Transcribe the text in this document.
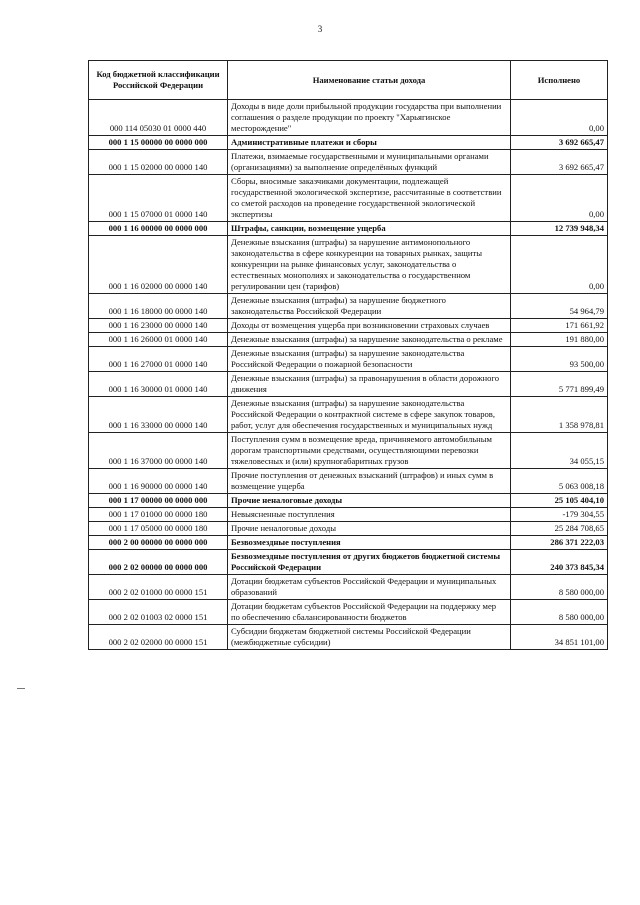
3
Код бюджетной классификации Российской Федерации	Наименование статьи дохода	Исполнено
000 114 05030 01 0000 440	Доходы в виде доли прибыльной продукции государства при выполнении соглашения о разделе продукции по проекту "Харьягинское месторождение"	0,00
000 1 15 00000 00 0000 000	Административные платежи и сборы	3 692 665,47
000 1 15 02000 00 0000 140	Платежи, взимаемые государственными и муниципальными органами (организациями) за выполнение определённых функций	3 692 665,47
000 1 15 07000 01 0000 140	Сборы, вносимые заказчиками документации, подлежащей государственной экологической экспертизе, рассчитанные в соответствии со сметой расходов на проведение государственной экологической экспертизы	0,00
000 1 16 00000 00 0000 000	Штрафы, санкции, возмещение ущерба	12 739 948,34
000 1 16 02000 00 0000 140	Денежные взыскания (штрафы) за нарушение антимонопольного законодательства в сфере конкуренции на товарных рынках, защиты конкуренции на рынке финансовых услуг, законодательства о естественных монополиях и законодательства о государственном регулировании цен (тарифов)	0,00
000 1 16 18000 00 0000 140	Денежные взыскания (штрафы) за нарушение бюджетного законодательства Российской Федерации	54 964,79
000 1 16 23000 00 0000 140	Доходы от возмещения ущерба при возникновении страховых случаев	171 661,92
000 1 16 26000 01 0000 140	Денежные взыскания (штрафы) за нарушение законодательства о рекламе	191 880,00
000 1 16 27000 01 0000 140	Денежные взыскания (штрафы) за нарушение законодательства Российской Федерации о пожарной безопасности	93 500,00
000 1 16 30000 01 0000 140	Денежные взыскания (штрафы) за правонарушения в области дорожного движения	5 771 899,49
000 1 16 33000 00 0000 140	Денежные взыскания (штрафы) за нарушение законодательства Российской Федерации о контрактной системе в сфере закупок товаров, работ, услуг для обеспечения государственных и муниципальных нужд	1 358 978,81
000 1 16 37000 00 0000 140	Поступления сумм в возмещение вреда, причиняемого автомобильным дорогам транспортными средствами, осуществляющими перевозки тяжеловесных и (или) крупногабаритных грузов	34 055,15
000 1 16 90000 00 0000 140	Прочие поступления от денежных взысканий (штрафов) и иных сумм в возмещение ущерба	5 063 008,18
000 1 17 00000 00 0000 000	Прочие неналоговые доходы	25 105 404,10
000 1 17 01000 00 0000 180	Невыясненные поступления	-179 304,55
000 1 17 05000 00 0000 180	Прочие неналоговые доходы	25 284 708,65
000 2 00 00000 00 0000 000	Безвозмездные поступления	286 371 222,03
000 2 02 00000 00 0000 000	Безвозмездные поступления от других бюджетов бюджетной системы Российской Федерации	240 373 845,34
000 2 02 01000 00 0000 151	Дотации бюджетам субъектов Российской Федерации и муниципальных образований	8 580 000,00
000 2 02 01003 02 0000 151	Дотации бюджетам субъектов Российской Федерации на поддержку мер по обеспечению сбалансированности бюджетов	8 580 000,00
000 2 02 02000 00 0000 151	Субсидии бюджетам бюджетной системы Российской Федерации (межбюджетные субсидии)	34 851 101,00
